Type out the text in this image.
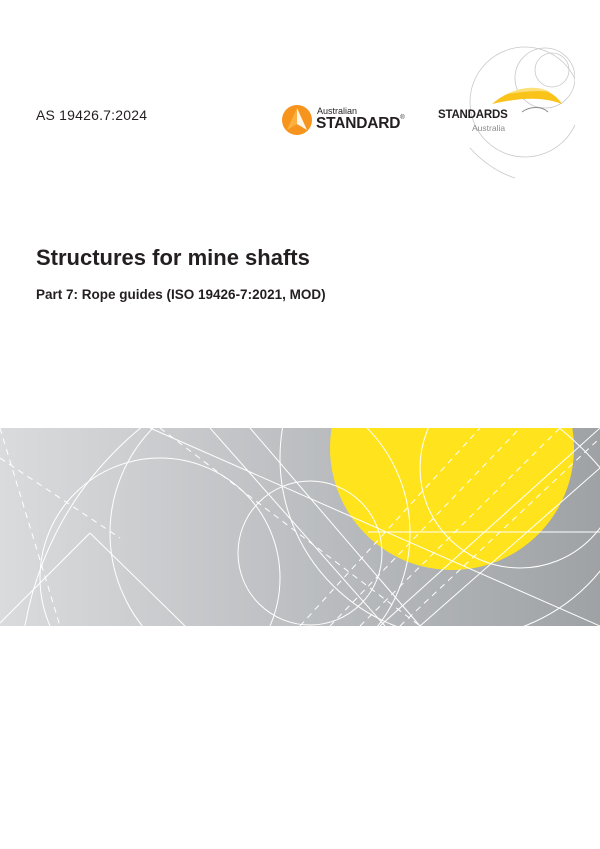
AS 19426.7:2024	Australian
STANDARD®	STANDARDS
Australia
Structures for mine shafts
Part 7: Rope guides (ISO 19426-7:2021, MOD)
